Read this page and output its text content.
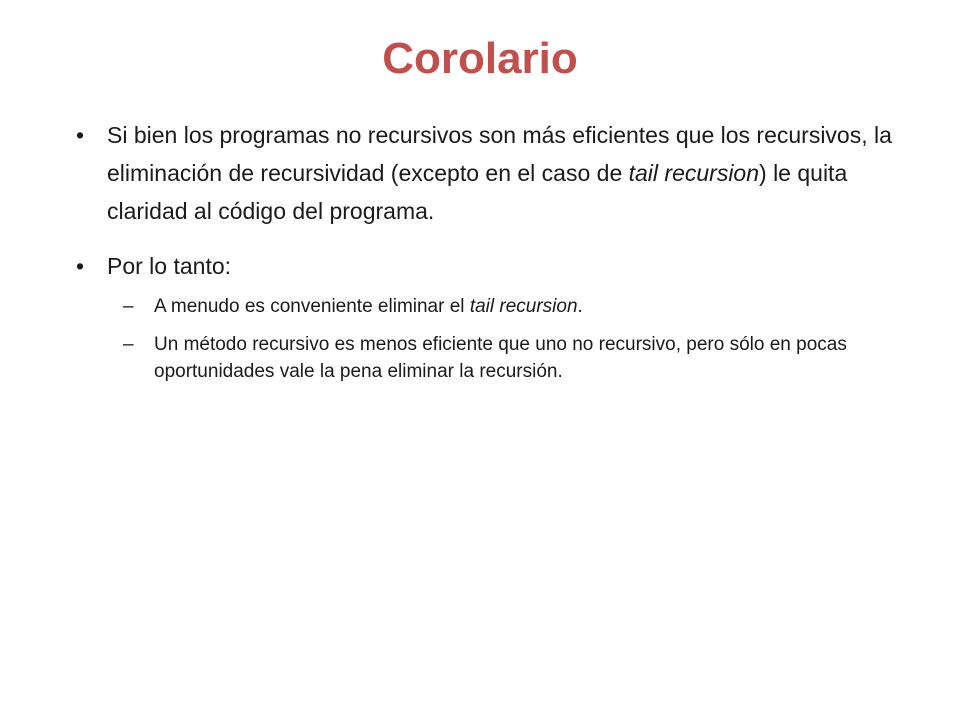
Corolario
• Si bien los programas no recursivos son más eficientes que los recursivos, la eliminación de recursividad (excepto en el caso de tail recursion) le quita claridad al código del programa.
• Por lo tanto:
– A menudo es conveniente eliminar el tail recursion.
– Un método recursivo es menos eficiente que uno no recursivo, pero sólo en pocas oportunidades vale la pena eliminar la recursión.
